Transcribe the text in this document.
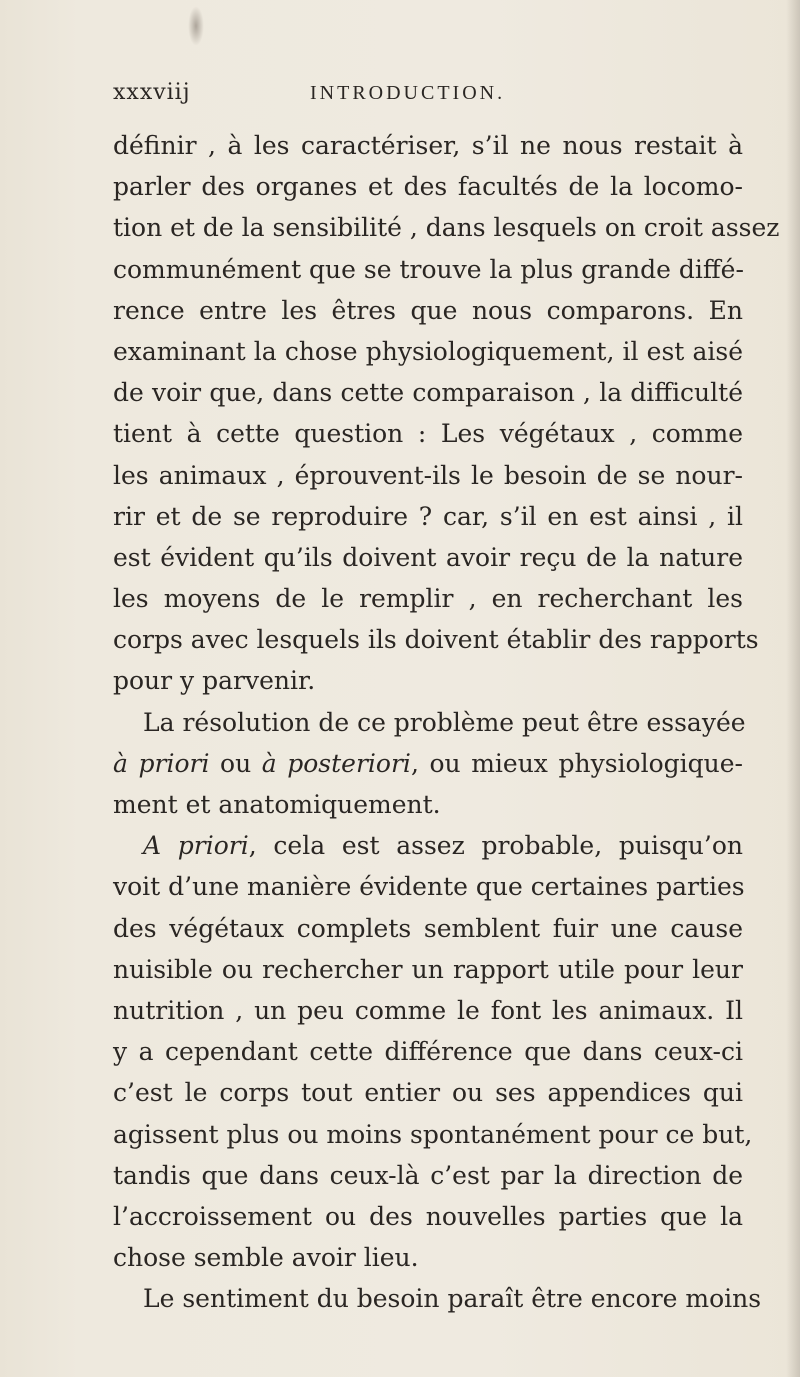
xxxviij	INTRODUCTION.
définir , à les caractériser, s’il ne nous restait à
parler des organes et des facultés de la locomo-
tion et de la sensibilité , dans lesquels on croit assez
communément que se trouve la plus grande diffé-
rence entre les êtres que nous comparons. En
examinant la chose physiologiquement, il est aisé
de voir que, dans cette comparaison , la difficulté
tient à cette question : Les végétaux , comme
les animaux , éprouvent-ils le besoin de se nour-
rir et de se reproduire ? car, s’il en est ainsi , il
est évident qu’ils doivent avoir reçu de la nature
les moyens de le remplir , en recherchant les
corps avec lesquels ils doivent établir des rapports
pour y parvenir.
La résolution de ce problème peut être essayée
à priori ou à posteriori, ou mieux physiologique-
ment et anatomiquement.
A priori, cela est assez probable, puisqu’on
voit d’une manière évidente que certaines parties
des végétaux complets semblent fuir une cause
nuisible ou rechercher un rapport utile pour leur
nutrition , un peu comme le font les animaux. Il
y a cependant cette différence que dans ceux-ci
c’est le corps tout entier ou ses appendices qui
agissent plus ou moins spontanément pour ce but,
tandis que dans ceux-là c’est par la direction de
l’accroissement ou des nouvelles parties que la
chose semble avoir lieu.
Le sentiment du besoin paraît être encore moins
